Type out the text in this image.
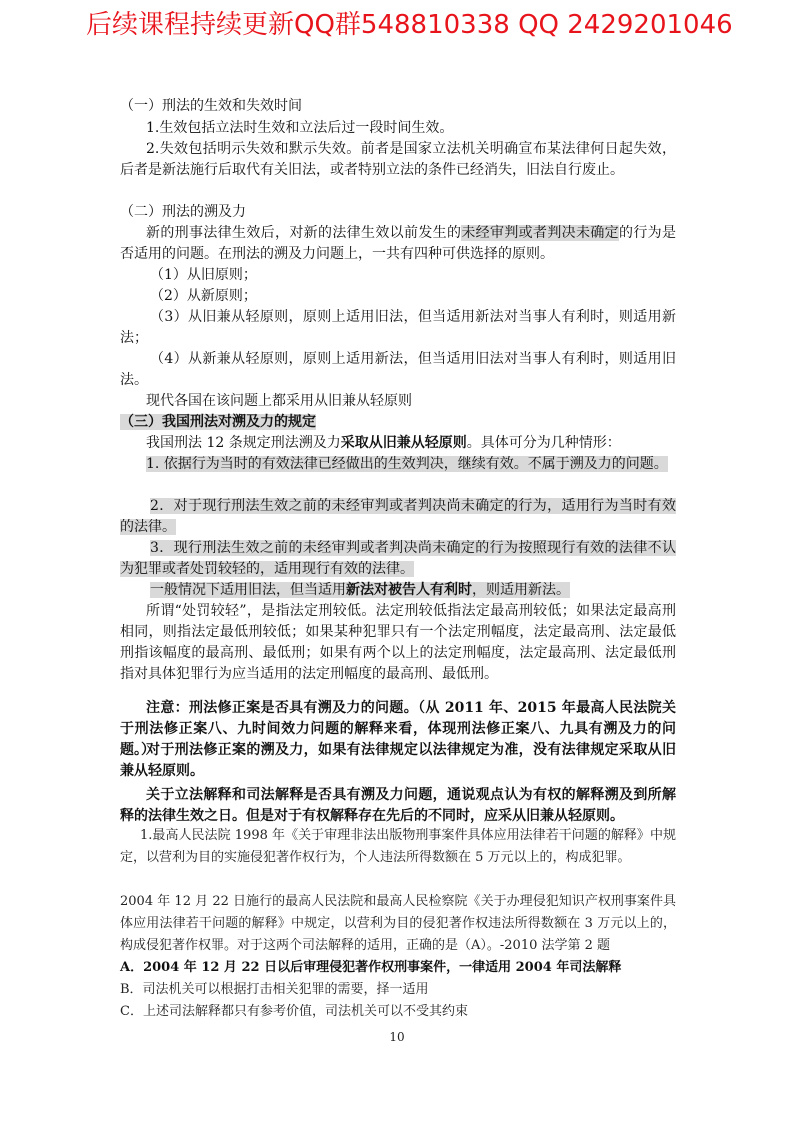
后续课程持续更新QQ群548810338 QQ 2429201046

（一）刑法的生效和失效时间

1.生效包括立法时生效和立法后过一段时间生效。

2.失效包括明示失效和默示失效。前者是国家立法机关明确宣布某法律何日起失效，后者是新法施行后取代有关旧法，或者特别立法的条件已经消失，旧法自行废止。

（二）刑法的溯及力

新的刑事法律生效后，对新的法律生效以前发生的未经审判或者判决未确定的行为是否适用的问题。在刑法的溯及力问题上，一共有四种可供选择的原则。

（1）从旧原则；

（2）从新原则；

（3）从旧兼从轻原则，原则上适用旧法，但当适用新法对当事人有利时，则适用新法；

（4）从新兼从轻原则，原则上适用新法，但当适用旧法对当事人有利时，则适用旧法。

现代各国在该问题上都采用从旧兼从轻原则

（三）我国刑法对溯及力的规定

我国刑法 12 条规定刑法溯及力采取从旧兼从轻原则。具体可分为几种情形：

1. 依据行为当时的有效法律已经做出的生效判决，继续有效。不属于溯及力的问题。

2．对于现行刑法生效之前的未经审判或者判决尚未确定的行为，适用行为当时有效的法律。

3．现行刑法生效之前的未经审判或者判决尚未确定的行为按照现行有效的法律不认为犯罪或者处罚较轻的，适用现行有效的法律。

一般情况下适用旧法，但当适用新法对被告人有利时，则适用新法。

所谓“处罚较轻”，是指法定刑较低。法定刑较低指法定最高刑较低；如果法定最高刑相同，则指法定最低刑较低；如果某种犯罪只有一个法定刑幅度，法定最高刑、法定最低刑指该幅度的最高刑、最低刑；如果有两个以上的法定刑幅度，法定最高刑、法定最低刑指对具体犯罪行为应当适用的法定刑幅度的最高刑、最低刑。

注意：刑法修正案是否具有溯及力的问题。（从 2011 年、2015 年最高人民法院关于刑法修正案八、九时间效力问题的解释来看，体现刑法修正案八、九具有溯及力的问题。）

对于刑法修正案的溯及力，如果有法律规定以法律规定为准，没有法律规定采取从旧兼从轻原则。

关于立法解释和司法解释是否具有溯及力问题，通说观点认为有权的解释溯及到所解释的法律生效之日。但是对于有权解释存在先后的不同时，应采从旧兼从轻原则。

1.最高人民法院 1998 年《关于审理非法出版物刑事案件具体应用法律若干问题的解释》中规定，以营利为目的实施侵犯著作权行为，个人违法所得数额在 5 万元以上的，构成犯罪。

2004 年 12 月 22 日施行的最高人民法院和最高人民检察院《关于办理侵犯知识产权刑事案件具体应用法律若干问题的解释》中规定，以营利为目的侵犯著作权违法所得数额在 3 万元以上的，构成侵犯著作权罪。对于这两个司法解释的适用，正确的是（A）。-2010 法学第 2 题

A．2004 年 12 月 22 日以后审理侵犯著作权刑事案件，一律适用 2004 年司法解释

B．司法机关可以根据打击相关犯罪的需要，择一适用

C．上述司法解释都只有参考价值，司法机关可以不受其约束

10
